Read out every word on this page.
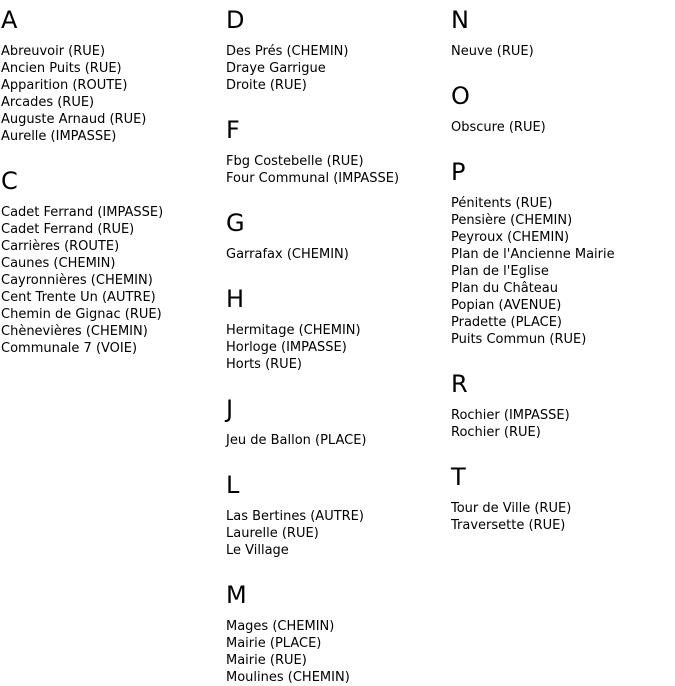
A
Abreuvoir (RUE)
Ancien Puits (RUE)
Apparition (ROUTE)
Arcades (RUE)
Auguste Arnaud (RUE)
Aurelle (IMPASSE)
C
Cadet Ferrand (IMPASSE)
Cadet Ferrand (RUE)
Carrières (ROUTE)
Caunes (CHEMIN)
Cayronnières (CHEMIN)
Cent Trente Un (AUTRE)
Chemin de Gignac (RUE)
Chènevières (CHEMIN)
Communale 7 (VOIE)
D
Des Prés (CHEMIN)
Draye Garrigue
Droite (RUE)
F
Fbg Costebelle (RUE)
Four Communal (IMPASSE)
G
Garrafax (CHEMIN)
H
Hermitage (CHEMIN)
Horloge (IMPASSE)
Horts (RUE)
J
Jeu de Ballon (PLACE)
L
Las Bertines (AUTRE)
Laurelle (RUE)
Le Village
M
Mages (CHEMIN)
Mairie (PLACE)
Mairie (RUE)
Moulines (CHEMIN)
N
Neuve (RUE)
O
Obscure (RUE)
P
Pénitents (RUE)
Pensière (CHEMIN)
Peyroux (CHEMIN)
Plan de l'Ancienne Mairie
Plan de l'Eglise
Plan du Château
Popian (AVENUE)
Pradette (PLACE)
Puits Commun (RUE)
R
Rochier (IMPASSE)
Rochier (RUE)
T
Tour de Ville (RUE)
Traversette (RUE)
